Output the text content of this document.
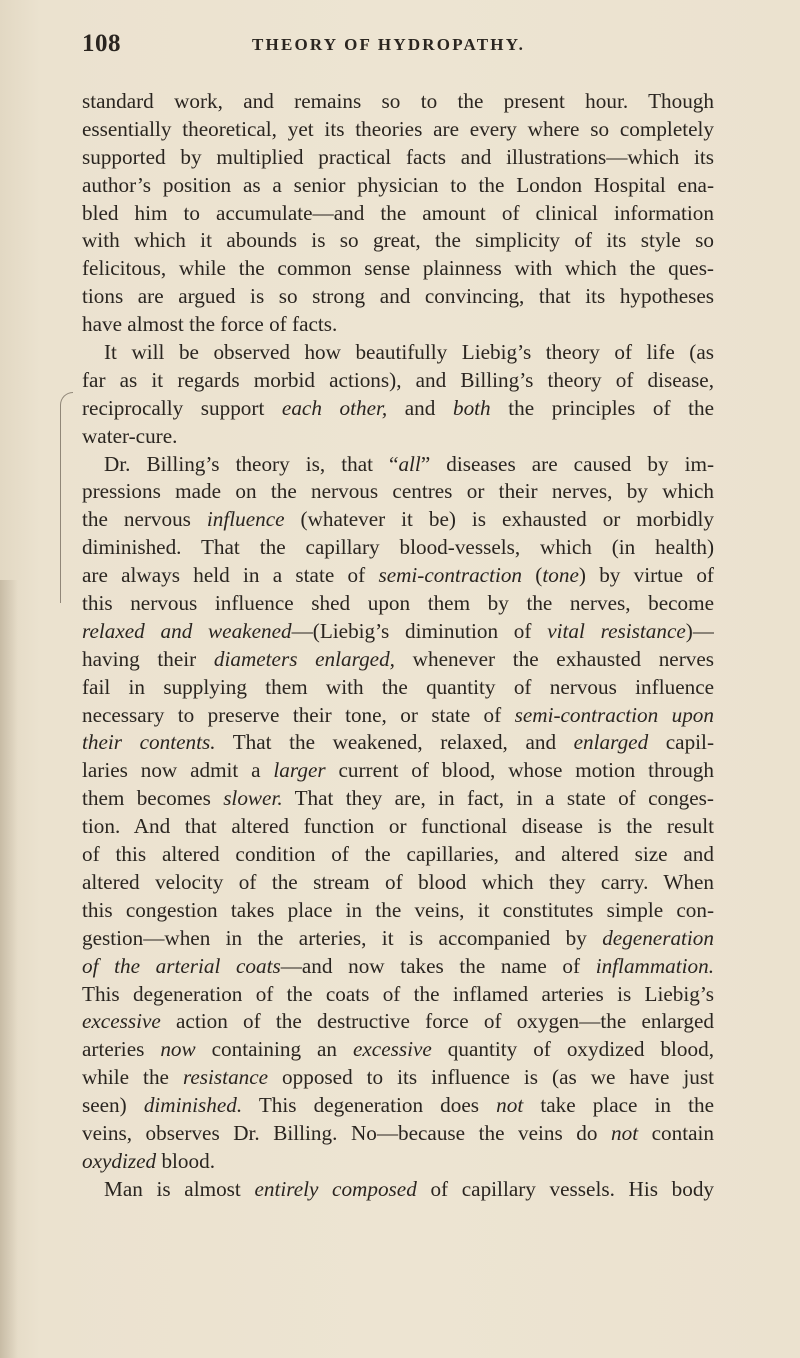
108	THEORY OF HYDROPATHY.
standard work, and remains so to the present hour. Though
essentially theoretical, yet its theories are every where so completely
supported by multiplied practical facts and illustrations—which its
author’s position as a senior physician to the London Hospital ena-
bled him to accumulate—and the amount of clinical information
with which it abounds is so great, the simplicity of its style so
felicitous, while the common sense plainness with which the ques-
tions are argued is so strong and convincing, that its hypotheses
have almost the force of facts.
It will be observed how beautifully Liebig’s theory of life (as
far as it regards morbid actions), and Billing’s theory of disease,
reciprocally support each other, and both the principles of the
water-cure.
Dr. Billing’s theory is, that “all” diseases are caused by im-
pressions made on the nervous centres or their nerves, by which
the nervous influence (whatever it be) is exhausted or morbidly
diminished. That the capillary blood-vessels, which (in health)
are always held in a state of semi-contraction (tone) by virtue of
this nervous influence shed upon them by the nerves, become
relaxed and weakened—(Liebig’s diminution of vital resistance)—
having their diameters enlarged, whenever the exhausted nerves
fail in supplying them with the quantity of nervous influence
necessary to preserve their tone, or state of semi-contraction upon
their contents. That the weakened, relaxed, and enlarged capil-
laries now admit a larger current of blood, whose motion through
them becomes slower. That they are, in fact, in a state of conges-
tion. And that altered function or functional disease is the result
of this altered condition of the capillaries, and altered size and
altered velocity of the stream of blood which they carry. When
this congestion takes place in the veins, it constitutes simple con-
gestion—when in the arteries, it is accompanied by degeneration
of the arterial coats—and now takes the name of inflammation.
This degeneration of the coats of the inflamed arteries is Liebig’s
excessive action of the destructive force of oxygen—the enlarged
arteries now containing an excessive quantity of oxydized blood,
while the resistance opposed to its influence is (as we have just
seen) diminished. This degeneration does not take place in the
veins, observes Dr. Billing. No—because the veins do not contain
oxydized blood.
Man is almost entirely composed of capillary vessels. His body
